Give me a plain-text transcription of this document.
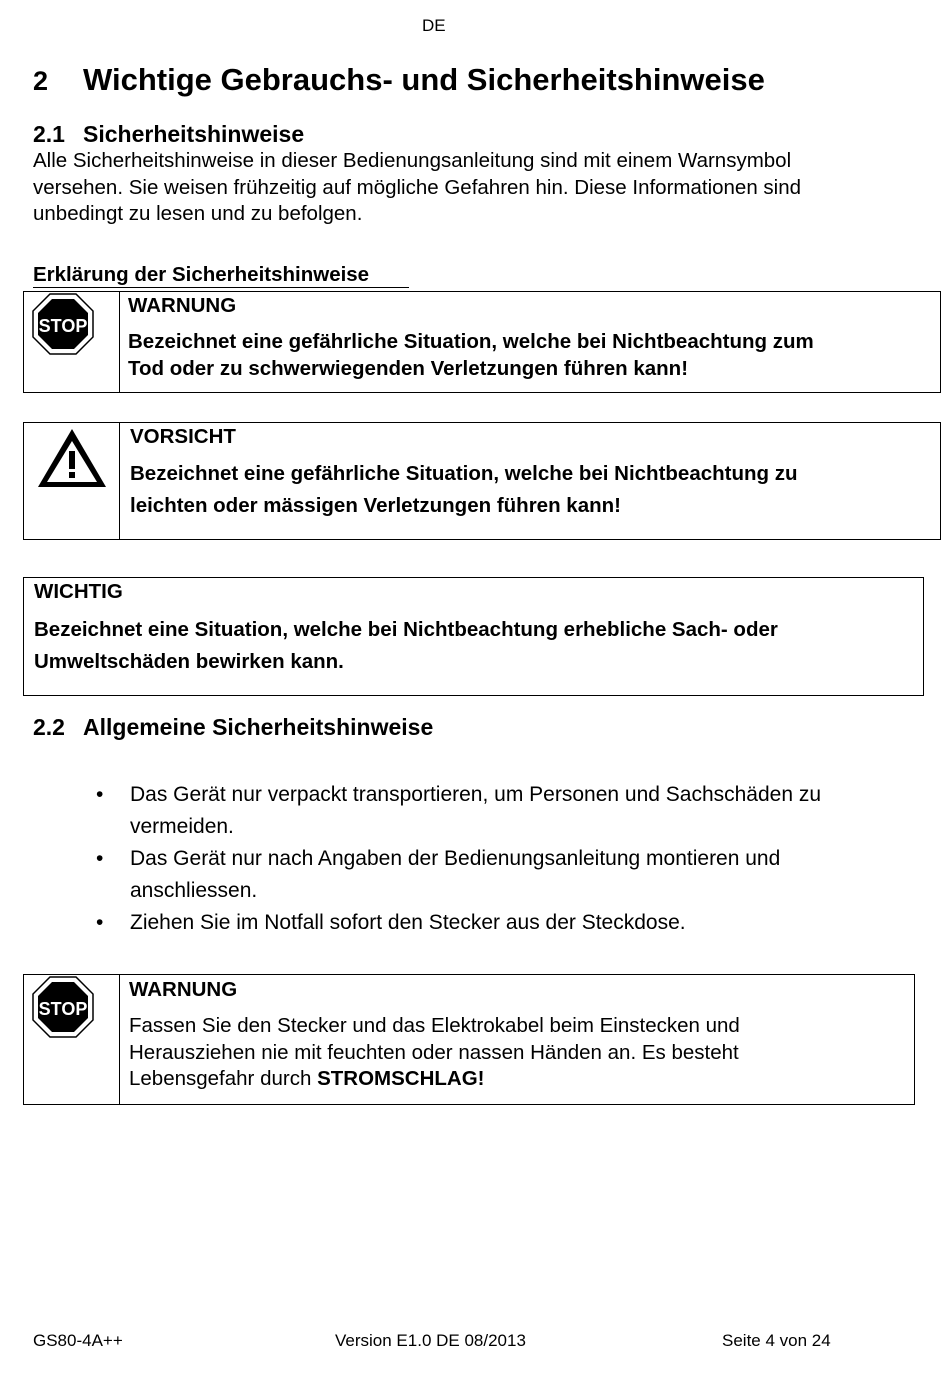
DE
2 Wichtige Gebrauchs- und Sicherheitshinweise
2.1 Sicherheitshinweise
Alle Sicherheitshinweise in dieser Bedienungsanleitung sind mit einem Warnsymbol
versehen. Sie weisen frühzeitig auf mögliche Gefahren hin. Diese Informationen sind
unbedingt zu lesen und zu befolgen.
Erklärung der Sicherheitshinweise
STOP
WARNUNG
Bezeichnet eine gefährliche Situation, welche bei Nichtbeachtung zum
Tod oder zu schwerwiegenden Verletzungen führen kann!
VORSICHT
Bezeichnet eine gefährliche Situation, welche bei Nichtbeachtung zu
leichten oder mässigen Verletzungen führen kann!
WICHTIG
Bezeichnet eine Situation, welche bei Nichtbeachtung erhebliche Sach- oder
Umweltschäden bewirken kann.
2.2 Allgemeine Sicherheitshinweise
• Das Gerät nur verpackt transportieren, um Personen und Sachschäden zu
vermeiden.
• Das Gerät nur nach Angaben der Bedienungsanleitung montieren und
anschliessen.
• Ziehen Sie im Notfall sofort den Stecker aus der Steckdose.
STOP
WARNUNG
Fassen Sie den Stecker und das Elektrokabel beim Einstecken und
Herausziehen nie mit feuchten oder nassen Händen an. Es besteht
Lebensgefahr durch STROMSCHLAG!
GS80-4A++	Version E1.0 DE 08/2013	Seite 4 von 24
